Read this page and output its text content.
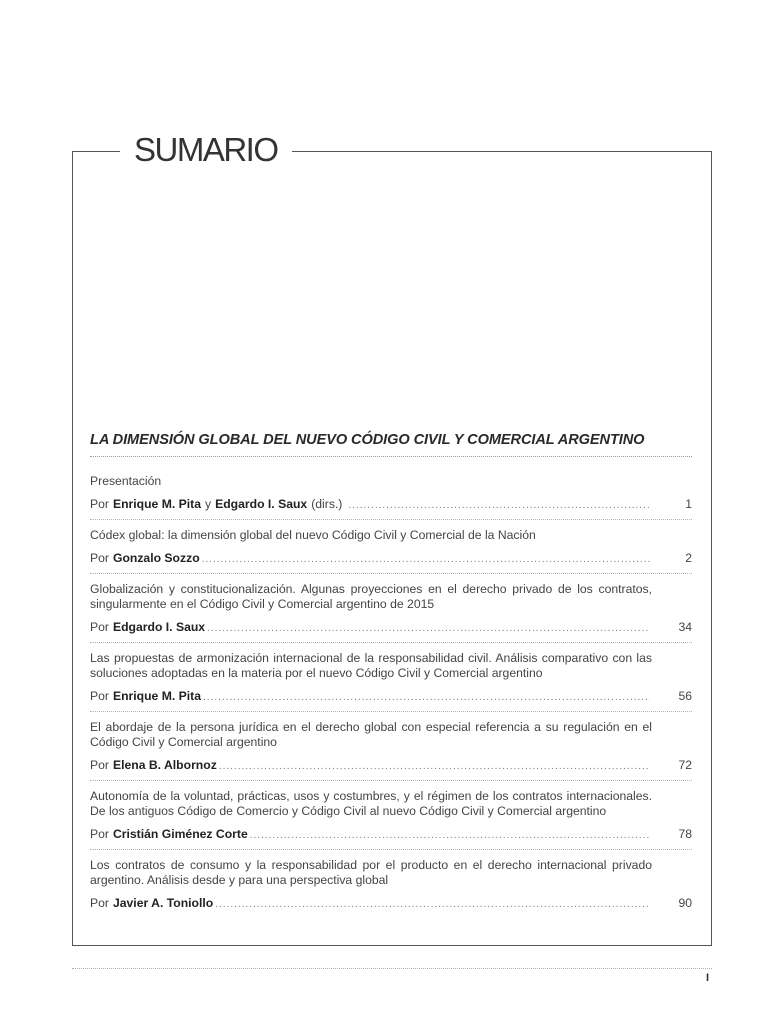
SUMARIO
LA DIMENSIÓN GLOBAL DEL NUEVO CÓDIGO CIVIL Y COMERCIAL ARGENTINO

Presentación

Por Enrique M. Pita y Edgardo I. Saux (dirs.) .....	1

Códex global: la dimensión global del nuevo Código Civil y Comercial de la Nación

Por Gonzalo Sozzo .....	2

Globalización y constitucionalización. Algunas proyecciones en el derecho privado de los contratos, singularmente en el Código Civil y Comercial argentino de 2015

Por Edgardo I. Saux .....	34

Las propuestas de armonización internacional de la responsabilidad civil. Análisis comparativo con las soluciones adoptadas en la materia por el nuevo Código Civil y Comercial argentino

Por Enrique M. Pita .....	56

El abordaje de la persona jurídica en el derecho global con especial referencia a su regulación en el Código Civil y Comercial argentino

Por Elena B. Albornoz .....	72

Autonomía de la voluntad, prácticas, usos y costumbres, y el régimen de los contratos internacionales. De los antiguos Código de Comercio y Código Civil al nuevo Código Civil y Comercial argentino

Por Cristián Giménez Corte .....	78

Los contratos de consumo y la responsabilidad por el producto en el derecho internacional privado argentino. Análisis desde y para una perspectiva global

Por Javier A. Toniollo .....	90
I
